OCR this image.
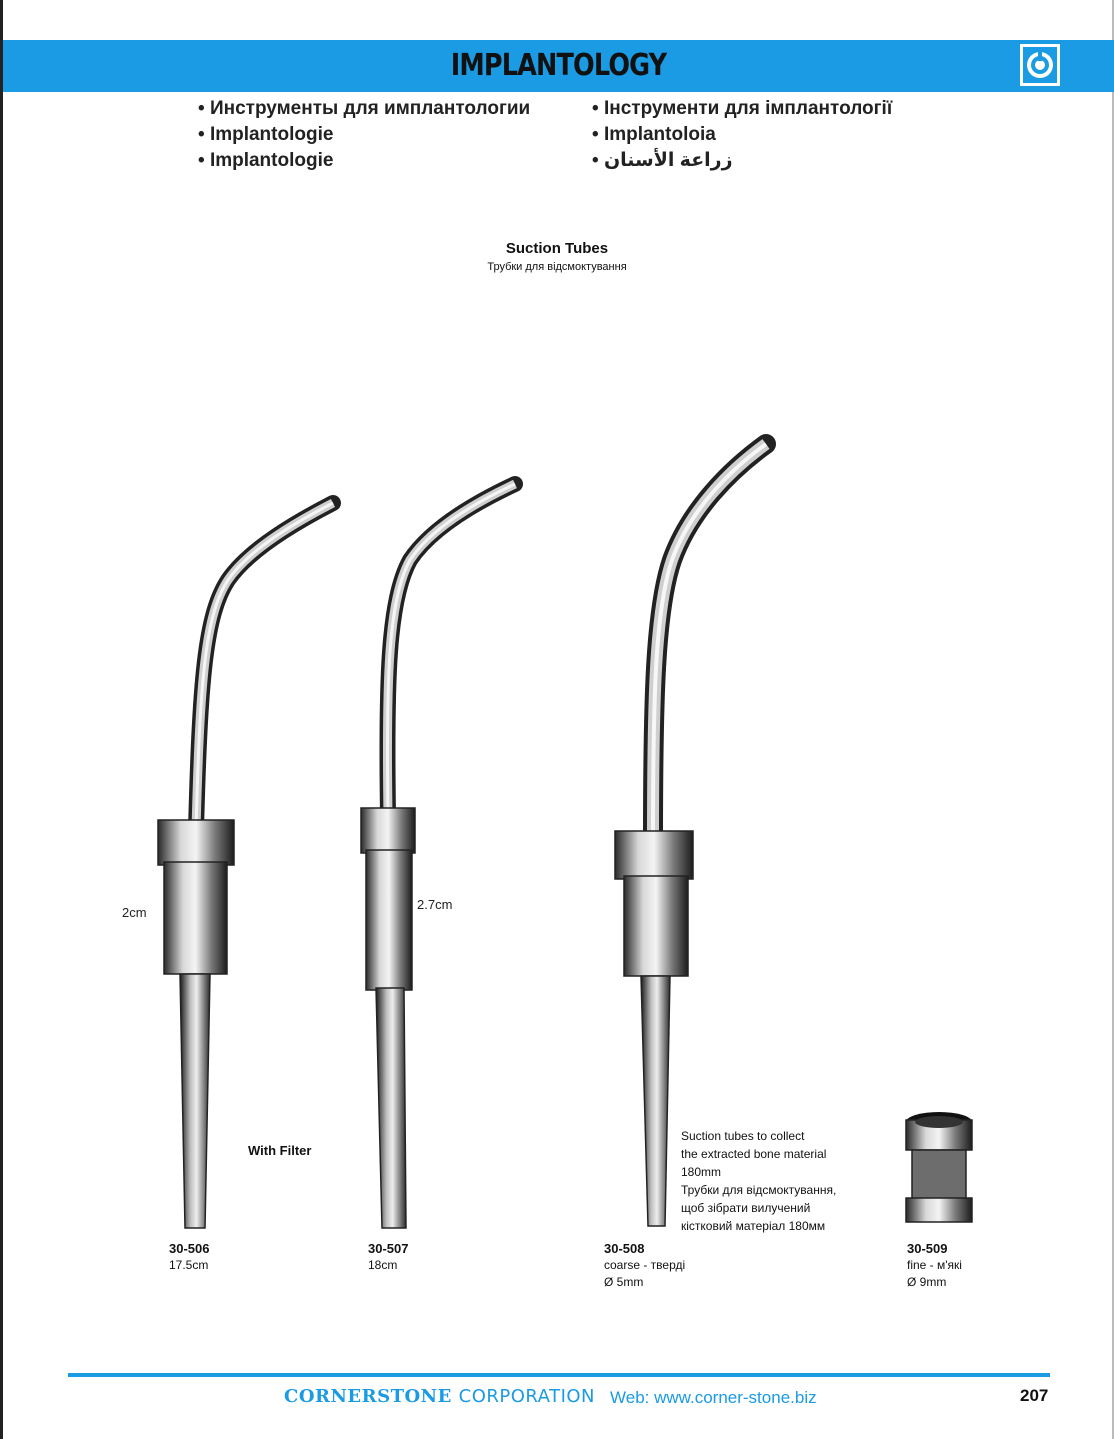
IMPLANTOLOGY
• Инструменты для имплантологии
• Implantologie
• Implantologie
• Інструменти для імплантології
• Implantoloia
• زراعة الأسنان
Suction Tubes
Трубки для відсмоктування
2cm
2.7cm
With Filter
Suction tubes to collect
the extracted bone material
180mm
Трубки для відсмоктування,
щоб зібрати вилучений
кістковий матеріал 180мм
30-506
17.5cm
30-507
18cm
30-508
coarse - тверді
Ø 5mm
30-509
fine - м'які
Ø 9mm
CORNERSTONE CORPORATION Web: www.corner-stone.biz	207
